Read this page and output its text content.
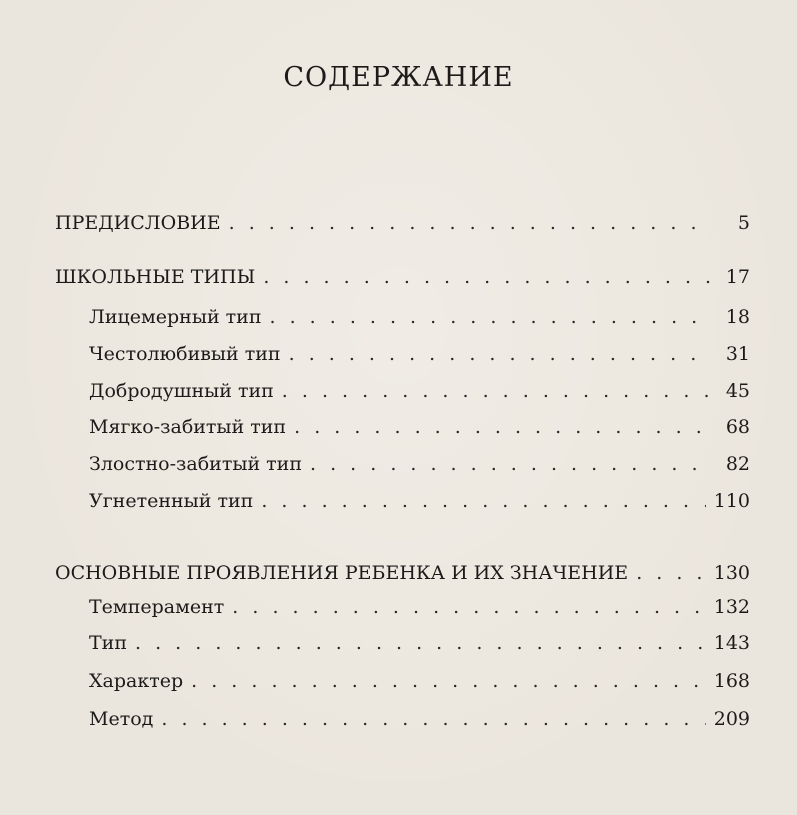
СОДЕРЖАНИЕ
ПРЕДИСЛОВИЕ . . .	5
ШКОЛЬНЫЕ ТИПЫ . . .	17
Лицемерный тип . . .	18
Честолюбивый тип . . .	31
Добродушный тип . . .	45
Мягко-забитый тип . . .	68
Злостно-забитый тип . . .	82
Угнетенный тип . . .	110
ОСНОВНЫЕ ПРОЯВЛЕНИЯ РЕБЕНКА И ИХ ЗНАЧЕНИЕ . . .	130
Темперамент . . .	132
Тип . . .	143
Характер . . .	168
Метод . . .	209
